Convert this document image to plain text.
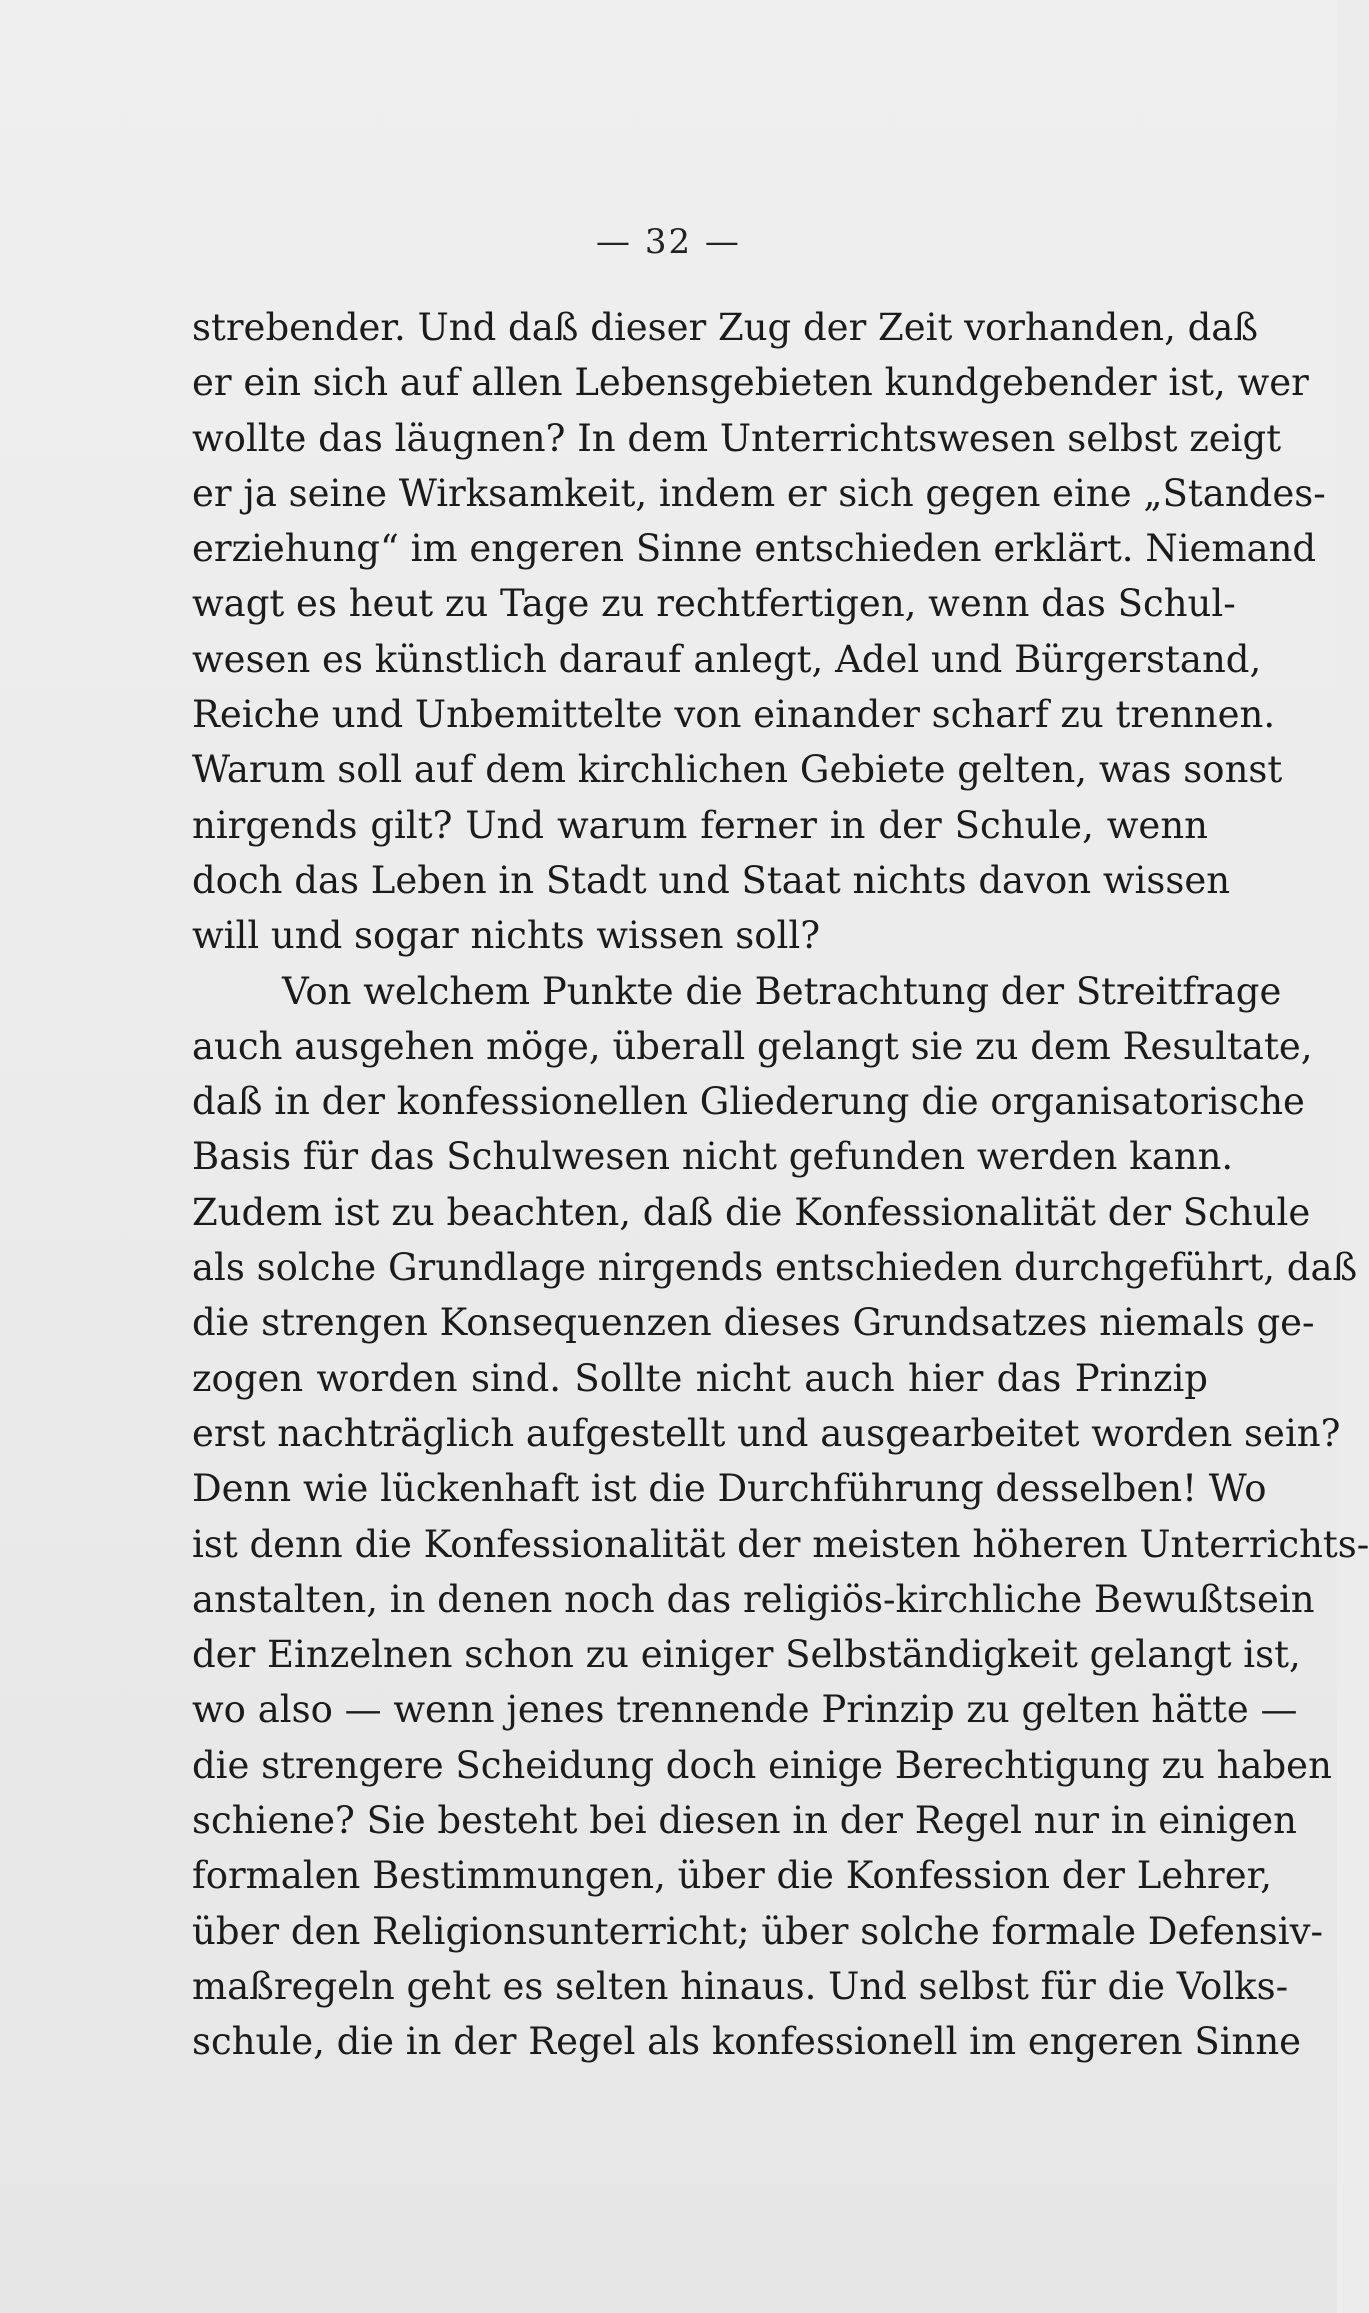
— 32 —
strebender. Und daß dieser Zug der Zeit vorhanden, daß
er ein sich auf allen Lebensgebieten kundgebender ist, wer
wollte das läugnen? In dem Unterrichtswesen selbst zeigt
er ja seine Wirksamkeit, indem er sich gegen eine „Standes-
erziehung“ im engeren Sinne entschieden erklärt. Niemand
wagt es heut zu Tage zu rechtfertigen, wenn das Schul-
wesen es künstlich darauf anlegt, Adel und Bürgerstand,
Reiche und Unbemittelte von einander scharf zu trennen.
Warum soll auf dem kirchlichen Gebiete gelten, was sonst
nirgends gilt? Und warum ferner in der Schule, wenn
doch das Leben in Stadt und Staat nichts davon wissen
will und sogar nichts wissen soll?
Von welchem Punkte die Betrachtung der Streitfrage
auch ausgehen möge, überall gelangt sie zu dem Resultate,
daß in der konfessionellen Gliederung die organisatorische
Basis für das Schulwesen nicht gefunden werden kann.
Zudem ist zu beachten, daß die Konfessionalität der Schule
als solche Grundlage nirgends entschieden durchgeführt, daß
die strengen Konsequenzen dieses Grundsatzes niemals ge-
zogen worden sind. Sollte nicht auch hier das Prinzip
erst nachträglich aufgestellt und ausgearbeitet worden sein?
Denn wie lückenhaft ist die Durchführung desselben! Wo
ist denn die Konfessionalität der meisten höheren Unterrichts-
anstalten, in denen noch das religiös-kirchliche Bewußtsein
der Einzelnen schon zu einiger Selbständigkeit gelangt ist,
wo also — wenn jenes trennende Prinzip zu gelten hätte —
die strengere Scheidung doch einige Berechtigung zu haben
schiene? Sie besteht bei diesen in der Regel nur in einigen
formalen Bestimmungen, über die Konfession der Lehrer,
über den Religionsunterricht; über solche formale Defensiv-
maßregeln geht es selten hinaus. Und selbst für die Volks-
schule, die in der Regel als konfessionell im engeren Sinne
